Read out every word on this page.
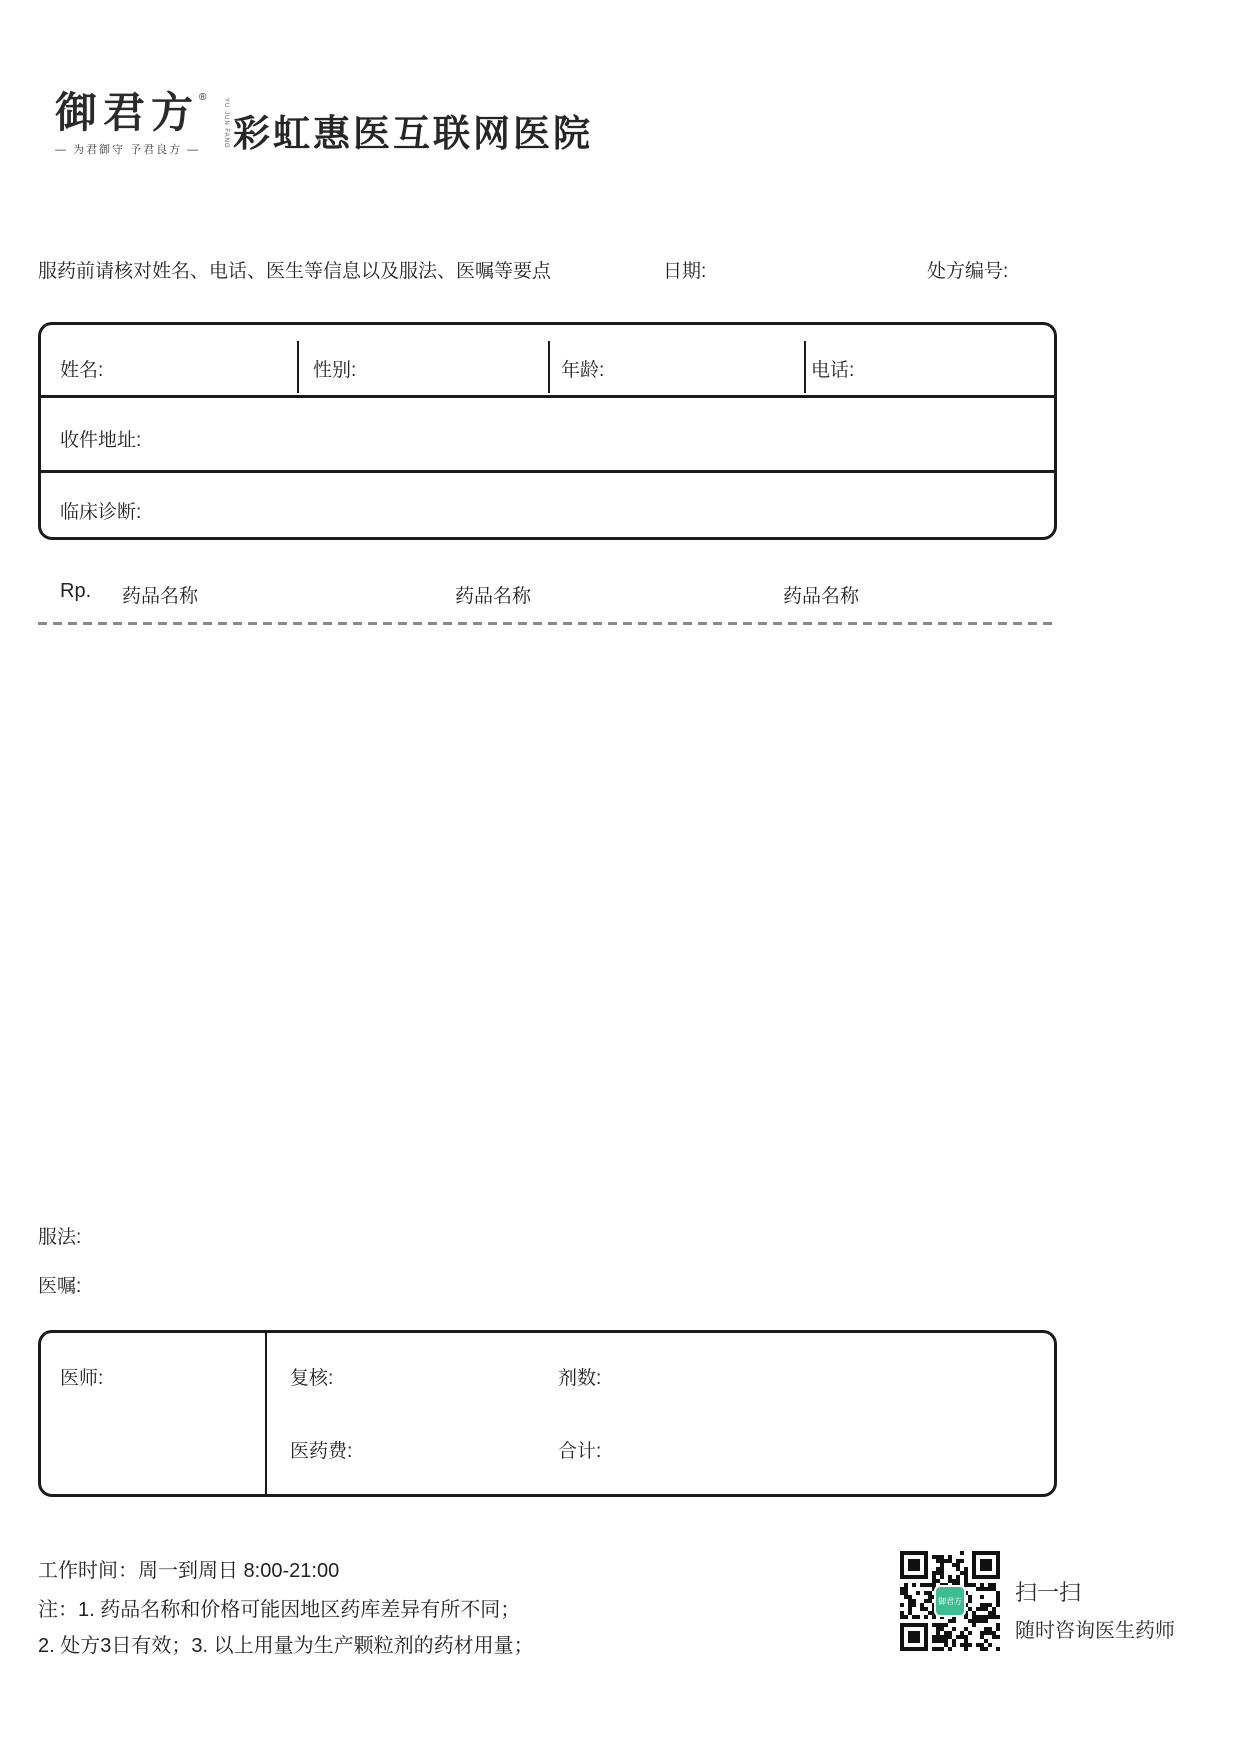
御君方®
YU JUN FANG
— 为君御守 予君良方 — 彩虹惠医互联网医院
服药前请核对姓名、电话、医生等信息以及服法、医嘱等要点	日期:	处方编号:
姓名:	性别:	年龄:	电话:
收件地址:
临床诊断:
Rp. 药品名称	药品名称	药品名称
服法:
医嘱:
医师:	复核:	剂数:
医药费:	合计:
工作时间：周一到周日 8:00-21:00
注：1. 药品名称和价格可能因地区药库差异有所不同；
2. 处方3日有效；3. 以上用量为生产颗粒剂的药材用量；
御君方 扫一扫
随时咨询医生药师
